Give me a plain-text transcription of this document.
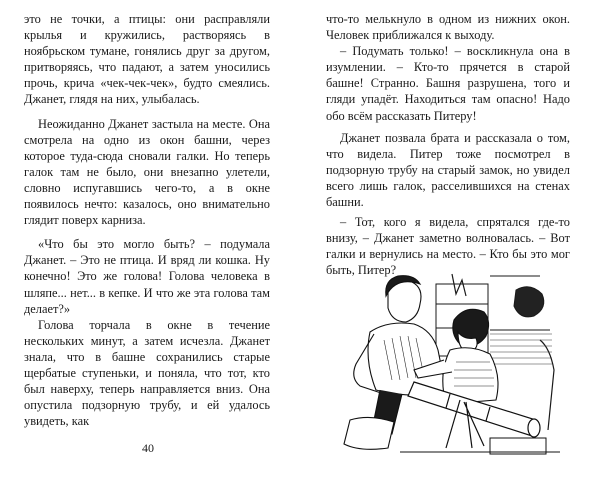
это не точки, а птицы: они расправляли крылья и кружились, растворяясь в ноябрьском тумане, гонялись друг за другом, притворяясь, что падают, а затем уносились прочь, крича «чек-чек-чек», будто смеялись. Джанет, глядя на них, улыбалась.

Неожиданно Джанет застыла на месте. Она смотрела на одно из окон башни, через которое туда-сюда сновали галки. Но теперь галок там не было, они внезапно улетели, словно испугавшись чего-то, а в окне появилось нечто: казалось, оно внимательно глядит поверх карниза.

«Что бы это могло быть? – подумала Джанет. – Это не птица. И вряд ли кошка. Ну конечно! Это же голова! Голова человека в шляпе... нет... в кепке. И что же эта голова там делает?»

Голова торчала в окне в течение нескольких минут, а затем исчезла. Джанет знала, что в башне сохранились старые щербатые ступеньки, и поняла, что тот, кто был наверху, теперь направляется вниз. Она опустила подзорную трубу, и ей удалось увидеть, как

40

что-то мелькнуло в одном из нижних окон. Человек приближался к выходу.

– Подумать только! – воскликнула она в изумлении. – Кто-то прячется в старой башне! Странно. Башня разрушена, того и гляди упадёт. Находиться там опасно! Надо обо всём рассказать Питеру!

Джанет позвала брата и рассказала о том, что видела. Питер тоже посмотрел в подзорную трубу на старый замок, но увидел всего лишь галок, расселившихся на стенах башни.

– Тот, кого я видела, спрятался где-то внизу, – Джанет заметно волновалась. – Вот галки и вернулись на место. – Кто бы это мог быть, Питер?
